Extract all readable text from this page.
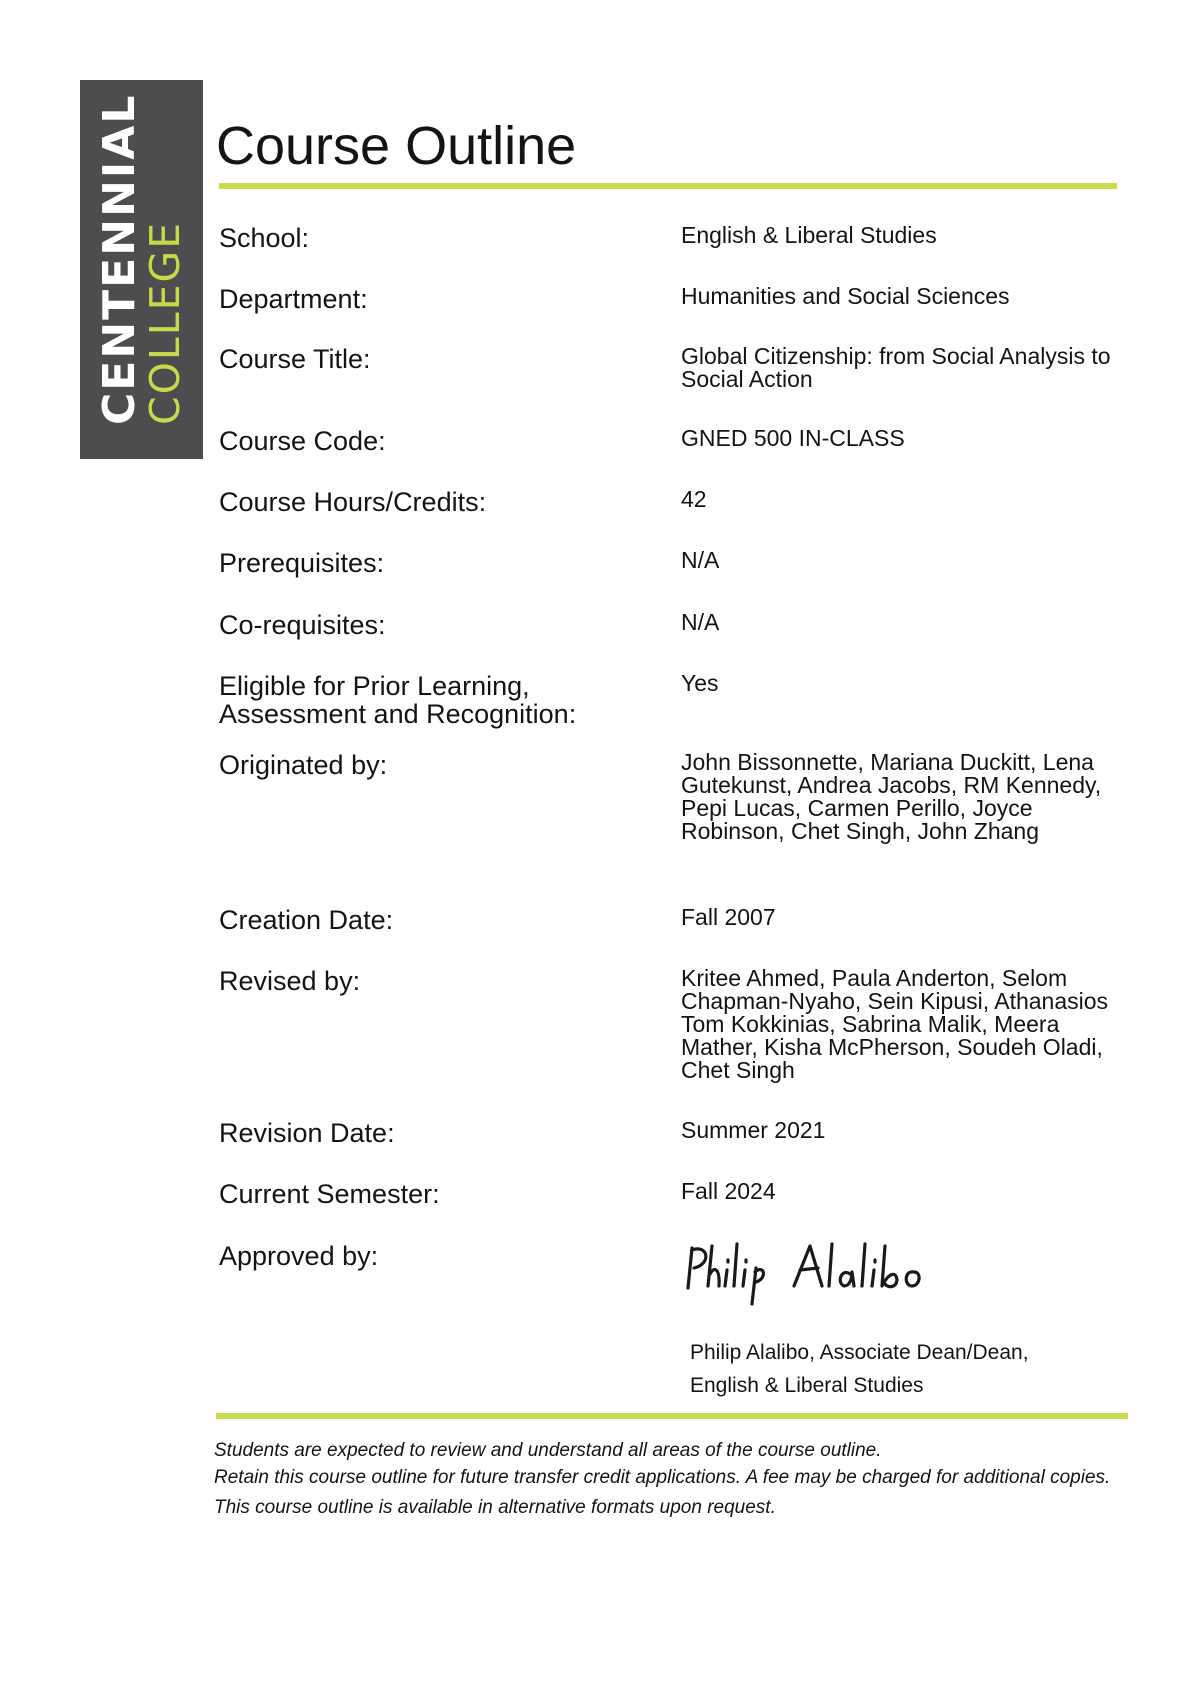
CENTENNIAL
COLLEGE
Course Outline
School:	English & Liberal Studies
Department:	Humanities and Social Sciences
Course Title:	Global Citizenship: from Social Analysis to Social Action
Course Code:	GNED 500 IN-CLASS
Course Hours/Credits:	42
Prerequisites:	N/A
Co-requisites:	N/A
Eligible for Prior Learning, Assessment and Recognition:
Yes
Originated by:	John Bissonnette, Mariana Duckitt, Lena Gutekunst, Andrea Jacobs, RM Kennedy, Pepi Lucas, Carmen Perillo, Joyce Robinson, Chet Singh, John Zhang
Creation Date:	Fall 2007
Revised by:	Kritee Ahmed, Paula Anderton, Selom Chapman-Nyaho, Sein Kipusi, Athanasios Tom Kokkinias, Sabrina Malik, Meera Mather, Kisha McPherson, Soudeh Oladi, Chet Singh
Revision Date:	Summer 2021
Current Semester:	Fall 2024
Approved by:
Philip Alalibo, Associate Dean/Dean,
English & Liberal Studies

Students are expected to review and understand all areas of the course outline.

Retain this course outline for future transfer credit applications. A fee may be charged for additional copies.

This course outline is available in alternative formats upon request.
